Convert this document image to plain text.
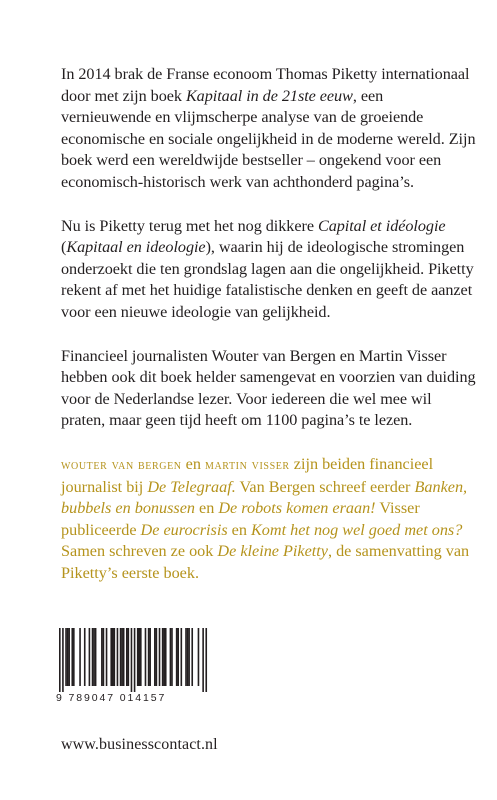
In 2014 brak de Franse econoom Thomas Piketty internationaal door met zijn boek Kapitaal in de 21ste eeuw, een vernieuwende en vlijmscherpe analyse van de groeiende economische en sociale ongelijkheid in de moderne wereld. Zijn boek werd een wereldwijde bestseller – ongekend voor een economisch-historisch werk van achthonderd pagina’s.

Nu is Piketty terug met het nog dikkere Capital et idéologie (Kapitaal en ideologie), waarin hij de ideologische stromingen onderzoekt die ten grondslag lagen aan die ongelijkheid. Piketty rekent af met het huidige fatalistische denken en geeft de aanzet voor een nieuwe ideologie van gelijkheid.

Financieel journalisten Wouter van Bergen en Martin Visser hebben ook dit boek helder samengevat en voorzien van duiding voor de Nederlandse lezer. Voor iedereen die wel mee wil praten, maar geen tijd heeft om 1100 pagina’s te lezen.

wouter van bergen en martin visser zijn beiden financieel journalist bij De Telegraaf. Van Bergen schreef eerder Banken, bubbels en bonussen en De robots komen eraan! Visser publiceerde De eurocrisis en Komt het nog wel goed met ons? Samen schreven ze ook De kleine Piketty, de samenvatting van Piketty’s eerste boek.

9 789047 014157
www.businesscontact.nl
